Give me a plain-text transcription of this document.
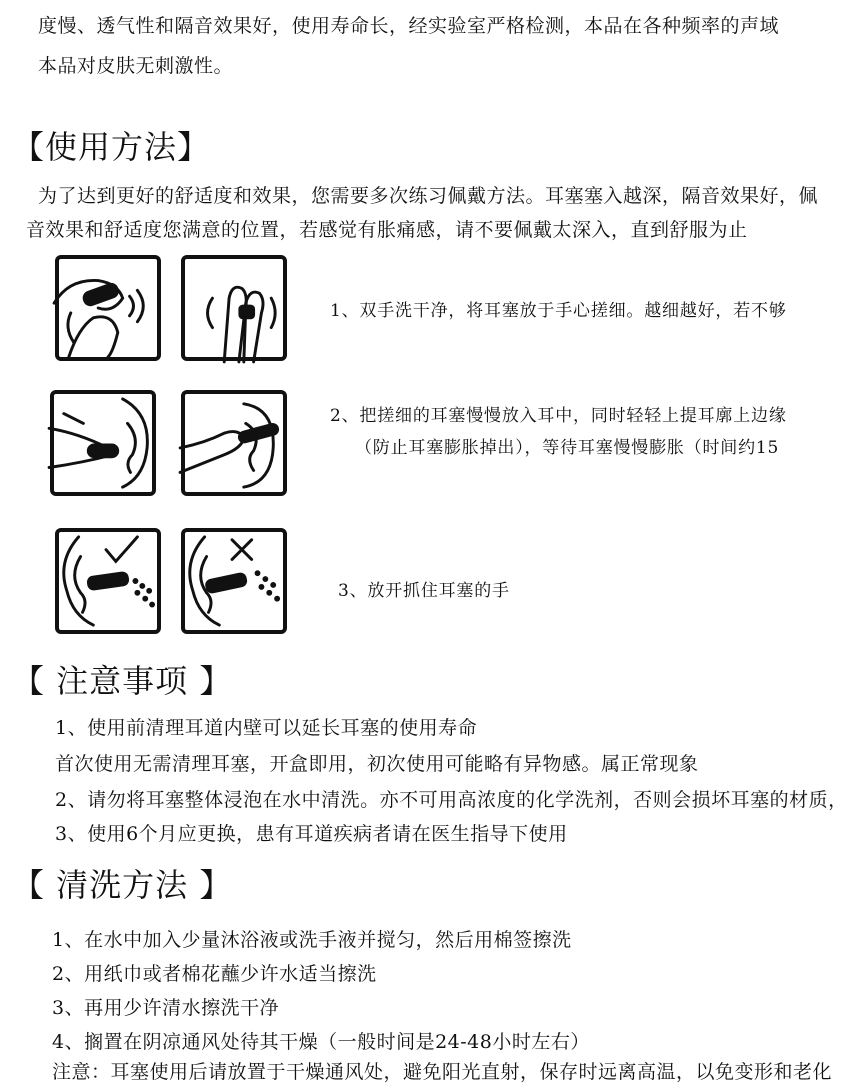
度慢、透气性和隔音效果好，使用寿命长，经实验室严格检测，本品在各种频率的声域
本品对皮肤无刺激性。
【使用方法】
为了达到更好的舒适度和效果，您需要多次练习佩戴方法。耳塞塞入越深，隔音效果好，佩
音效果和舒适度您满意的位置，若感觉有胀痛感，请不要佩戴太深入，直到舒服为止
1、双手洗干净，将耳塞放于手心搓细。越细越好，若不够
2、把搓细的耳塞慢慢放入耳中，同时轻轻上提耳廓上边缘
（防止耳塞膨胀掉出），等待耳塞慢慢膨胀（时间约15
3、放开抓住耳塞的手
【 注意事项 】
1、使用前清理耳道内壁可以延长耳塞的使用寿命
首次使用无需清理耳塞，开盒即用，初次使用可能略有异物感。属正常现象
2、请勿将耳塞整体浸泡在水中清洗。亦不可用高浓度的化学洗剂，否则会损坏耳塞的材质，
3、使用6个月应更换，患有耳道疾病者请在医生指导下使用
【 清洗方法 】
1、在水中加入少量沐浴液或洗手液并搅匀，然后用棉签擦洗
2、用纸巾或者棉花蘸少许水适当擦洗
3、再用少许清水擦洗干净
4、搁置在阴凉通风处待其干燥（一般时间是24-48小时左右）
注意：耳塞使用后请放置于干燥通风处，避免阳光直射，保存时远离高温，以免变形和老化
